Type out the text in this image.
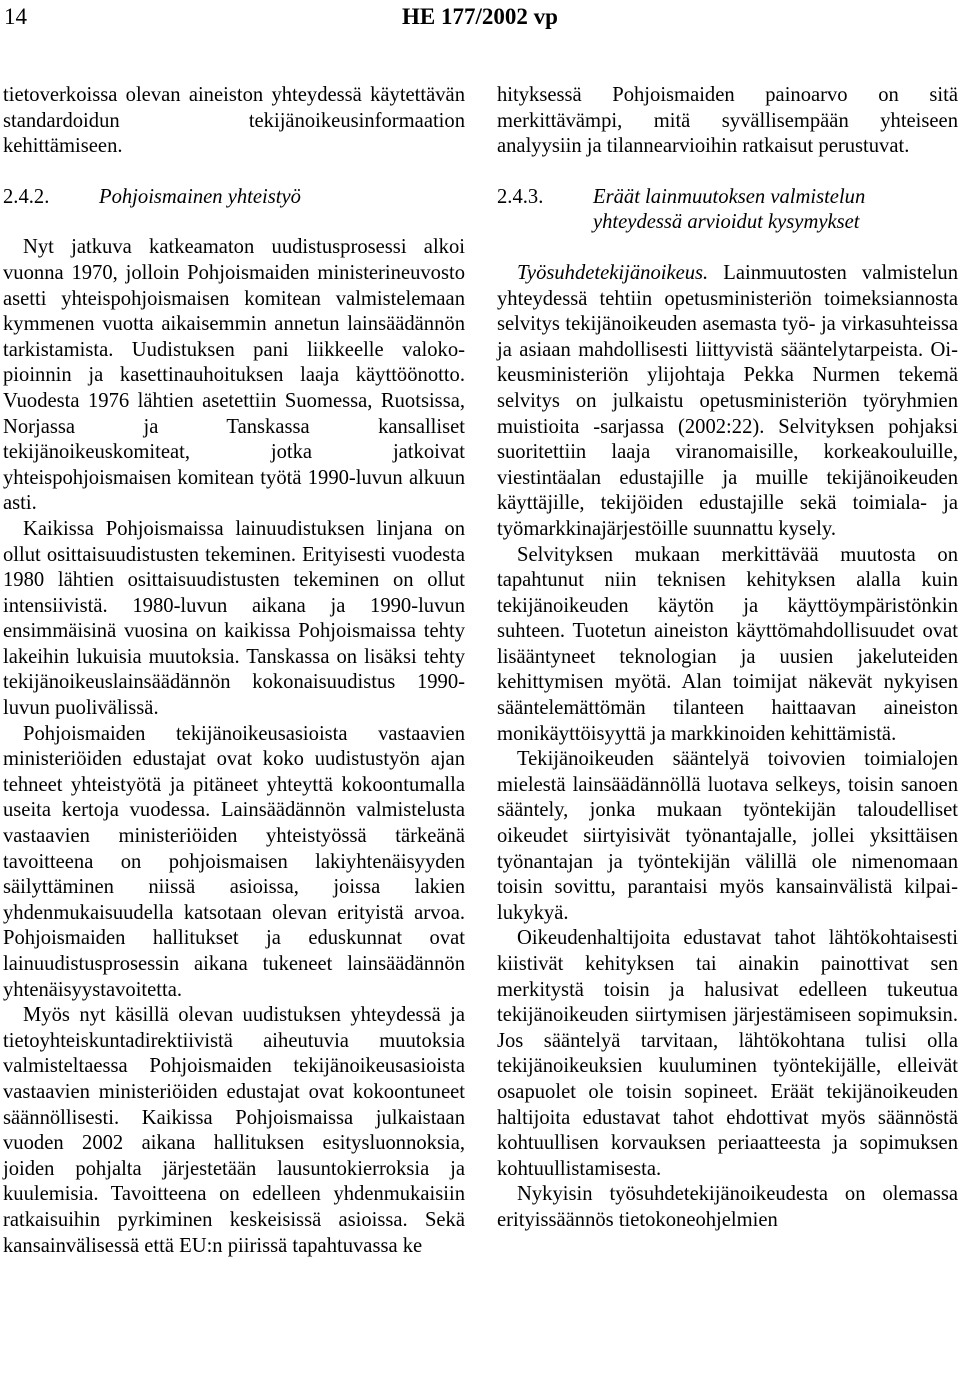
14	HE 177/2002 vp

tietoverkoissa olevan aineiston yhteydessä käytettävän standardoidun tekijänoikeusinformaation kehittämiseen.

2.4.2. Pohjoismainen yhteistyö

Nyt jatkuva katkeamaton uudistusprosessi alkoi vuonna 1970, jolloin Pohjoismaiden ministerineuvosto asetti yhteispohjoismaisen komitean valmistelemaan kymmenen vuotta aikaisemmin annetun lainsäädännön tarkistamista. Uudistuksen pani liikkeelle valokopioinnin ja kasettinauhoituksen laaja käyttöönotto. Vuodesta 1976 lähtien asetettiin Suomessa, Ruotsissa, Norjassa ja Tanskassa kansalliset tekijänoikeuskomiteat, jotka jatkoivat yhteispohjoismaisen komitean työtä 1990-luvun alkuun asti.

Kaikissa Pohjoismaissa lainuudistuksen linjana on ollut osittaisuudistusten tekeminen. Erityisesti vuodesta 1980 lähtien osittaisuudistusten tekeminen on ollut intensiivistä. 1980-luvun aikana ja 1990-luvun ensimmäisinä vuosina on kaikissa Pohjoismaissa tehty lakeihin lukuisia muutoksia. Tanskassa on lisäksi tehty tekijänoikeuslainsäädännön kokonaisuudistus 1990-luvun puolivälissä.

Pohjoismaiden tekijänoikeusasioista vastaavien ministeriöiden edustajat ovat koko uudistustyön ajan tehneet yhteistyötä ja pitäneet yhteyttä kokoontumalla useita kertoja vuodessa. Lainsäädännön valmistelusta vastaavien ministeriöiden yhteistyössä tärkeänä tavoitteena on pohjoismaisen lakiyhtenäisyyden säilyttäminen niissä asioissa, joissa lakien yhdenmukaisuudella katsotaan olevan erityistä arvoa. Pohjoismaiden hallitukset ja eduskunnat ovat lainuudistusprosessin aikana tukeneet lainsäädännön yhtenäisyystavoitetta.

Myös nyt käsillä olevan uudistuksen yhteydessä ja tietoyhteiskuntadirektiivistä aiheutuvia muutoksia valmisteltaessa Pohjoismaiden tekijänoikeusasioista vastaavien ministeriöiden edustajat ovat kokoontuneet säännöllisesti. Kaikissa Pohjoismaissa julkaistaan vuoden 2002 aikana hallituksen esitysluonnoksia, joiden pohjalta järjestetään lausuntokierroksia ja kuulemisia. Tavoitteena on edelleen yhdenmukaisiin ratkaisuihin pyrkiminen keskeisissä asioissa. Sekä kansainvälisessä että EU:n piirissä tapahtuvassa ke

hityksessä Pohjoismaiden painoarvo on sitä merkittävämpi, mitä syvällisempään yhteiseen analyysiin ja tilannearvioihin ratkaisut perustuvat.

2.4.3.	Eräät lainmuutoksen valmistelun yhteydessä arvioidut kysymykset

Työsuhdetekijänoikeus. Lainmuutosten valmistelun yhteydessä tehtiin opetusministeriön toimeksiannosta selvitys tekijänoikeuden asemasta työ- ja virkasuhteissa ja asiaan mahdollisesti liittyvistä sääntelytarpeista. Oikeusministeriön ylijohtaja Pekka Nurmen tekemä selvitys on julkaistu opetusministeriön työryhmien muistioita -sarjassa (2002:22). Selvityksen pohjaksi suoritettiin laaja viranomaisille, korkeakouluille, viestintäalan edustajille ja muille tekijänoikeuden käyttäjille, tekijöiden edustajille sekä toimiala- ja työmarkkinajärjestöille suunnattu kysely.

Selvityksen mukaan merkittävää muutosta on tapahtunut niin teknisen kehityksen alalla kuin tekijänoikeuden käytön ja käyttöympäristönkin suhteen. Tuotetun aineiston käyttömahdollisuudet ovat lisääntyneet teknologian ja uusien jakeluteiden kehittymisen myötä. Alan toimijat näkevät nykyisen sääntelemättömän tilanteen haittaavan aineiston monikäyttöisyyttä ja markkinoiden kehittämistä.

Tekijänoikeuden sääntelyä toivovien toimialojen mielestä lainsäädännöllä luotava selkeys, toisin sanoen sääntely, jonka mukaan työntekijän taloudelliset oikeudet siirtyisivät työnantajalle, jollei yksittäisen työnantajan ja työntekijän välillä ole nimenomaan toisin sovittu, parantaisi myös kansainvälistä kilpailukykyä.

Oikeudenhaltijoita edustavat tahot lähtökohtaisesti kiistivät kehityksen tai ainakin painottivat sen merkitystä toisin ja halusivat edelleen tukeutua tekijänoikeuden siirtymisen järjestämiseen sopimuksin. Jos sääntelyä tarvitaan, lähtökohtana tulisi olla tekijänoikeuksien kuuluminen työntekijälle, elleivät osapuolet ole toisin sopineet. Eräät tekijänoikeuden haltijoita edustavat tahot ehdottivat myös säännöstä kohtuullisen korvauksen periaatteesta ja sopimuksen kohtuullistamisesta.

Nykyisin työsuhdetekijänoikeudesta on olemassa erityissäännös tietokoneohjelmien
